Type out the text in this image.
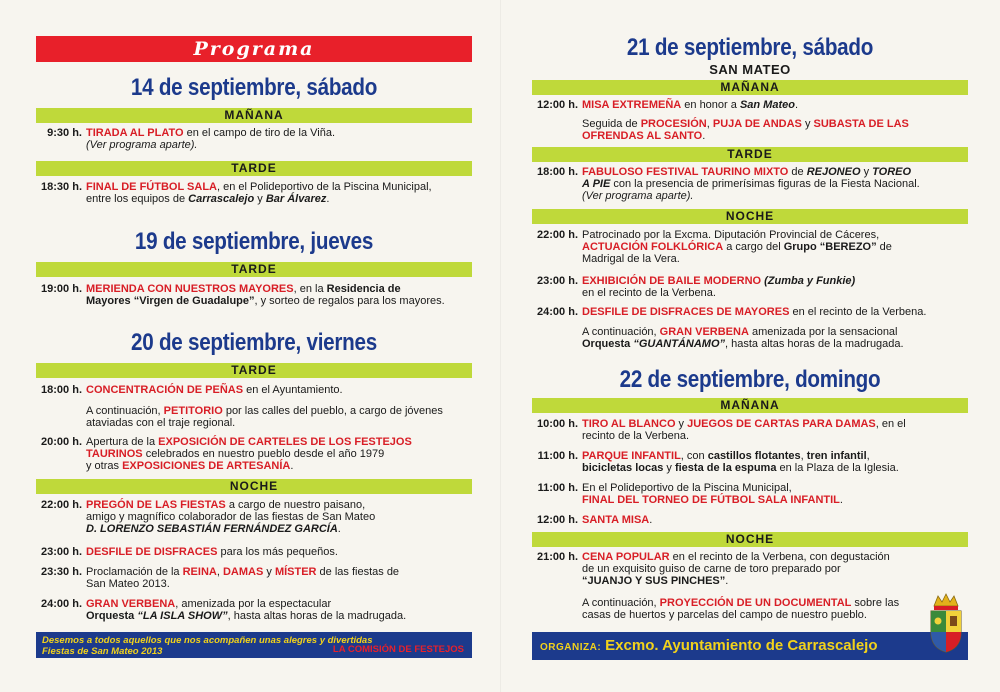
Programa
14 de septiembre, sábado
MAÑANA
9:30 h. TIRADA AL PLATO en el campo de tiro de la Viña.
(Ver programa aparte).
TARDE
18:30 h. FINAL DE FÚTBOL SALA, en el Polideportivo de la Piscina Municipal,
entre los equipos de Carrascalejo y Bar Álvarez.
19 de septiembre, jueves
TARDE
19:00 h. MERIENDA CON NUESTROS MAYORES, en la Residencia de
Mayores “Virgen de Guadalupe”, y sorteo de regalos para los mayores.
20 de septiembre, viernes
TARDE
18:00 h. CONCENTRACIÓN DE PEÑAS en el Ayuntamiento.
A continuación, PETITORIO por las calles del pueblo, a cargo de jóvenes
ataviadas con el traje regional.
20:00 h. Apertura de la EXPOSICIÓN DE CARTELES DE LOS FESTEJOS
TAURINOS celebrados en nuestro pueblo desde el año 1979
y otras EXPOSICIONES DE ARTESANÍA.
NOCHE
22:00 h. PREGÓN DE LAS FIESTAS a cargo de nuestro paisano,
amigo y magnífico colaborador de las fiestas de San Mateo
D. LORENZO SEBASTIÁN FERNÁNDEZ GARCÍA.
23:00 h. DESFILE DE DISFRACES para los más pequeños.
23:30 h. Proclamación de la REINA, DAMAS y MÍSTER de las fiestas de
San Mateo 2013.
24:00 h. GRAN VERBENA, amenizada por la espectacular
Orquesta “LA ISLA SHOW”, hasta altas horas de la madrugada.
Desemos a todos aquellos que nos acompañen unas alegres y divertidas
Fiestas de San Mateo 2013	LA COMISIÓN DE FESTEJOS
21 de septiembre, sábado
SAN MATEO
MAÑANA
12:00 h. MISA EXTREMEÑA en honor a San Mateo.
Seguida de PROCESIÓN, PUJA DE ANDAS y SUBASTA DE LAS
OFRENDAS AL SANTO.
TARDE
18:00 h. FABULOSO FESTIVAL TAURINO MIXTO de REJONEO y TOREO
A PIE con la presencia de primerísimas figuras de la Fiesta Nacional.
(Ver programa aparte).
NOCHE
22:00 h. Patrocinado por la Excma. Diputación Provincial de Cáceres,
ACTUACIÓN FOLKLÓRICA a cargo del Grupo “BEREZO” de
Madrigal de la Vera.
23:00 h. EXHIBICIÓN DE BAILE MODERNO (Zumba y Funkie)
en el recinto de la Verbena.
24:00 h. DESFILE DE DISFRACES DE MAYORES en el recinto de la Verbena.
A continuación, GRAN VERBENA amenizada por la sensacional
Orquesta “GUANTÁNAMO”, hasta altas horas de la madrugada.
22 de septiembre, domingo
MAÑANA
10:00 h. TIRO AL BLANCO y JUEGOS DE CARTAS PARA DAMAS, en el
recinto de la Verbena.
11:00 h. PARQUE INFANTIL, con castillos flotantes, tren infantil,
bicicletas locas y fiesta de la espuma en la Plaza de la Iglesia.
11:00 h. En el Polideportivo de la Piscina Municipal,
FINAL DEL TORNEO DE FÚTBOL SALA INFANTIL.
12:00 h. SANTA MISA.
NOCHE
21:00 h. CENA POPULAR en el recinto de la Verbena, con degustación
de un exquisito guiso de carne de toro preparado por
“JUANJO Y SUS PINCHES”.
A continuación, PROYECCIÓN DE UN DOCUMENTAL sobre las
casas de huertos y parcelas del campo de nuestro pueblo.
ORGANIZA: Excmo. Ayuntamiento de Carrascalejo
